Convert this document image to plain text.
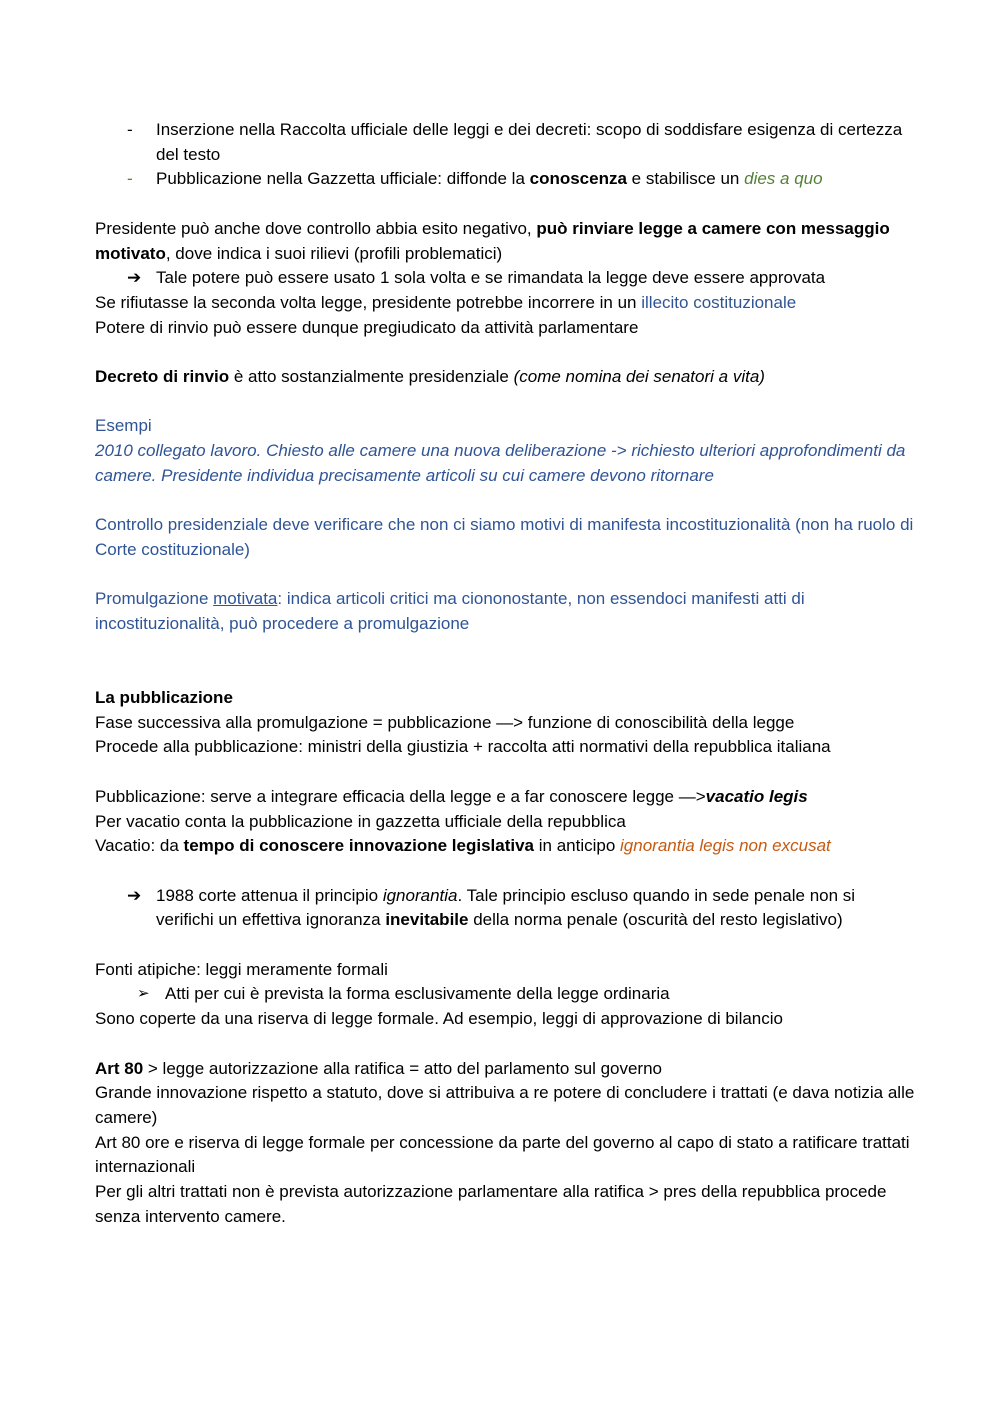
- Inserzione nella Raccolta ufficiale delle leggi e dei decreti: scopo di soddisfare esigenza di certezza del testo
- Pubblicazione nella Gazzetta ufficiale: diffonde la conoscenza e stabilisce un dies a quo
Presidente può anche dove controllo abbia esito negativo, può rinviare legge a camere con messaggio motivato, dove indica i suoi rilievi (profili problematici)
➔ Tale potere può essere usato 1 sola volta e se rimandata la legge deve essere approvata
Se rifiutasse la seconda volta legge, presidente potrebbe incorrere in un illecito costituzionale
Potere di rinvio può essere dunque pregiudicato da attività parlamentare
Decreto di rinvio è atto sostanzialmente presidenziale (come nomina dei senatori a vita)
Esempi
2010 collegato lavoro. Chiesto alle camere una nuova deliberazione -> richiesto ulteriori approfondimenti da camere. Presidente individua precisamente articoli su cui camere devono ritornare
Controllo presidenziale deve verificare che non ci siamo motivi di manifesta incostituzionalità (non ha ruolo di Corte costituzionale)
Promulgazione motivata: indica articoli critici ma ciononostante, non essendoci manifesti atti di incostituzionalità, può procedere a promulgazione
La pubblicazione
Fase successiva alla promulgazione = pubblicazione —> funzione di conoscibilità della legge
Procede alla pubblicazione: ministri della giustizia + raccolta atti normativi della repubblica italiana
Pubblicazione: serve a integrare efficacia della legge e a far conoscere legge —>vacatio legis
Per vacatio conta la pubblicazione in gazzetta ufficiale della repubblica
Vacatio: da tempo di conoscere innovazione legislativa in anticipo ignorantia legis non excusat
➔ 1988 corte attenua il principio ignorantia. Tale principio escluso quando in sede penale non si verifichi un effettiva ignoranza inevitabile della norma penale (oscurità del resto legislativo)
Fonti atipiche: leggi meramente formali
➢ Atti per cui è prevista la forma esclusivamente della legge ordinaria
Sono coperte da una riserva di legge formale. Ad esempio, leggi di approvazione di bilancio
Art 80 > legge autorizzazione alla ratifica = atto del parlamento sul governo
Grande innovazione rispetto a statuto, dove si attribuiva a re potere di concludere i trattati (e dava notizia alle camere)
Art 80 ore e riserva di legge formale per concessione da parte del governo al capo di stato a ratificare trattati internazionali
Per gli altri trattati non è prevista autorizzazione parlamentare alla ratifica > pres della repubblica procede senza intervento camere.
